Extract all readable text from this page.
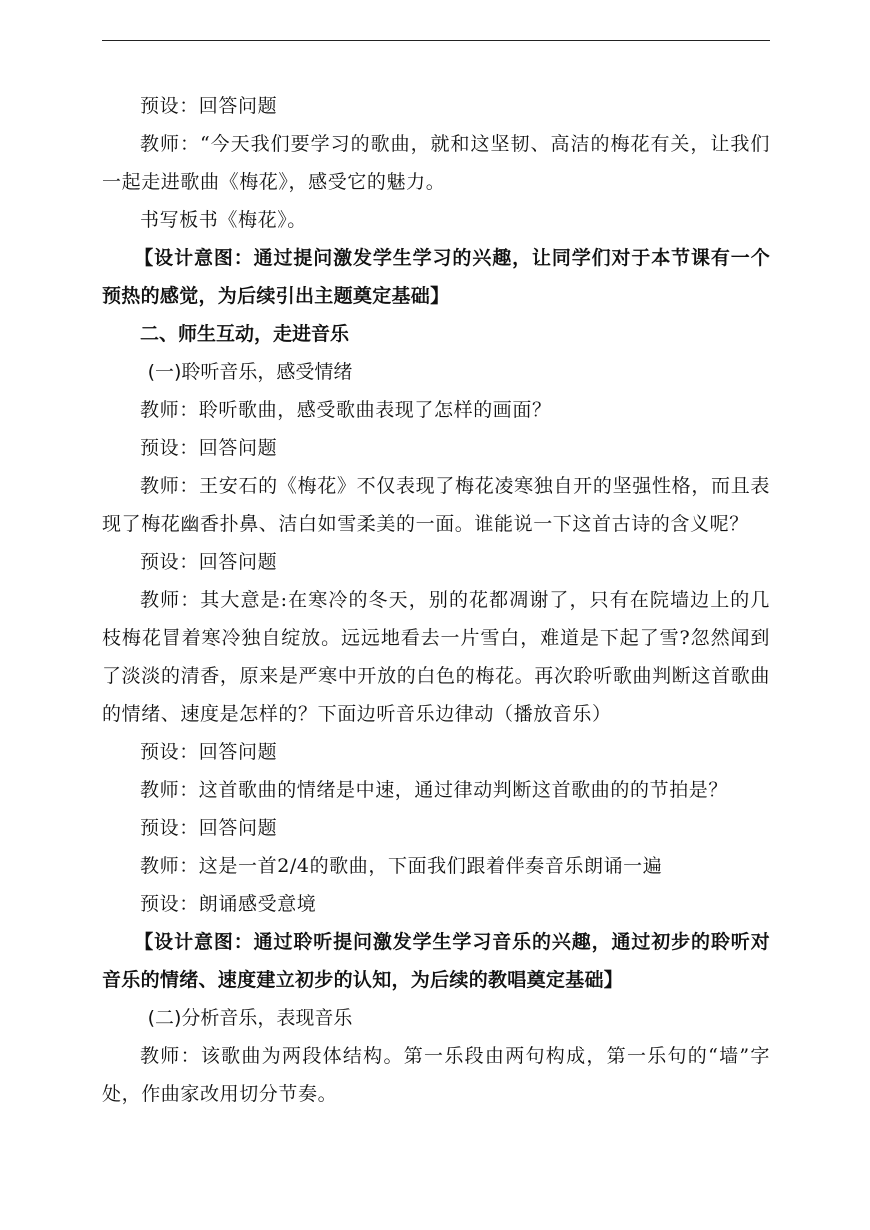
预设：回答问题

教师：“今天我们要学习的歌曲，就和这坚韧、高洁的梅花有关，让我们一起走进歌曲《梅花》，感受它的魅力。

书写板书《梅花》。

【设计意图：通过提问激发学生学习的兴趣，让同学们对于本节课有一个预热的感觉，为后续引出主题奠定基础】

二、师生互动，走进音乐

(一)聆听音乐，感受情绪

教师：聆听歌曲，感受歌曲表现了怎样的画面？

预设：回答问题

教师：王安石的《梅花》不仅表现了梅花凌寒独自开的坚强性格，而且表现了梅花幽香扑鼻、洁白如雪柔美的一面。谁能说一下这首古诗的含义呢？

预设：回答问题

教师：其大意是:在寒冷的冬天，别的花都凋谢了，只有在院墙边上的几枝梅花冒着寒冷独自绽放。远远地看去一片雪白，难道是下起了雪?忽然闻到了淡淡的清香，原来是严寒中开放的白色的梅花。再次聆听歌曲判断这首歌曲的情绪、速度是怎样的？下面边听音乐边律动（播放音乐）

预设：回答问题

教师：这首歌曲的情绪是中速，通过律动判断这首歌曲的的节拍是？

预设：回答问题

教师：这是一首2/4的歌曲，下面我们跟着伴奏音乐朗诵一遍

预设：朗诵感受意境

【设计意图：通过聆听提问激发学生学习音乐的兴趣，通过初步的聆听对音乐的情绪、速度建立初步的认知，为后续的教唱奠定基础】

(二)分析音乐，表现音乐

教师：该歌曲为两段体结构。第一乐段由两句构成，第一乐句的“墙”字处，作曲家改用切分节奏。
